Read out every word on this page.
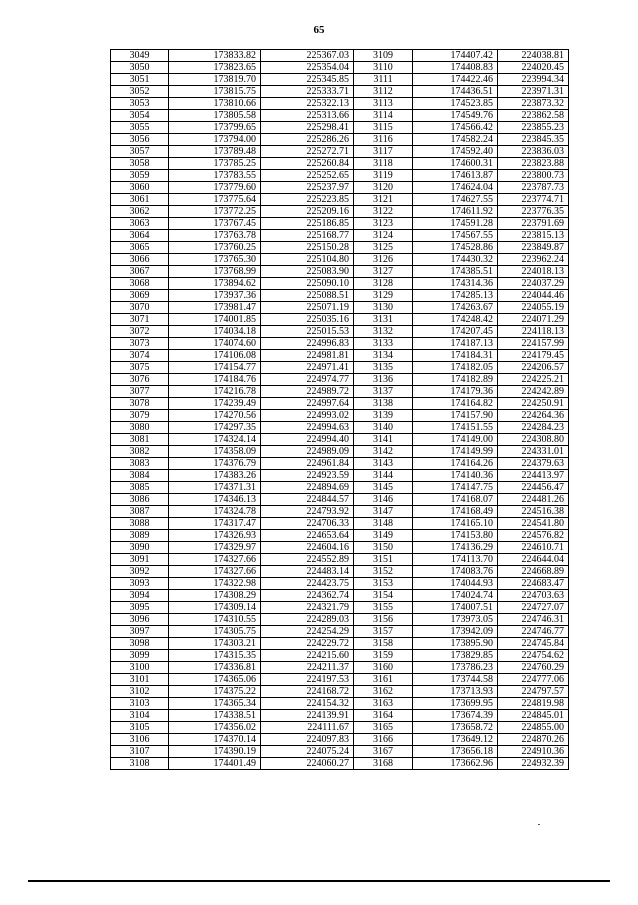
65
3049	173833.82	225367.03	3109	174407.42	224038.81
3050	173823.65	225354.04	3110	174408.83	224020.45
3051	173819.70	225345.85	3111	174422.46	223994.34
3052	173815.75	225333.71	3112	174436.51	223971.31
3053	173810.66	225322.13	3113	174523.85	223873.32
3054	173805.58	225313.66	3114	174549.76	223862.58
3055	173799.65	225298.41	3115	174566.42	223855.23
3056	173794.00	225286.26	3116	174582.24	223845.35
3057	173789.48	225272.71	3117	174592.40	223836.03
3058	173785.25	225260.84	3118	174600.31	223823.88
3059	173783.55	225252.65	3119	174613.87	223800.73
3060	173779.60	225237.97	3120	174624.04	223787.73
3061	173775.64	225223.85	3121	174627.55	223774.71
3062	173772.25	225209.16	3122	174611.92	223776.35
3063	173767.45	225186.85	3123	174591.28	223791.69
3064	173763.78	225168.77	3124	174567.55	223815.13
3065	173760.25	225150.28	3125	174528.86	223849.87
3066	173765.30	225104.80	3126	174430.32	223962.24
3067	173768.99	225083.90	3127	174385.51	224018.13
3068	173894.62	225090.10	3128	174314.36	224037.29
3069	173937.36	225088.51	3129	174285.13	224044.46
3070	173981.47	225071.19	3130	174263.67	224055.19
3071	174001.85	225035.16	3131	174248.42	224071.29
3072	174034.18	225015.53	3132	174207.45	224118.13
3073	174074.60	224996.83	3133	174187.13	224157.99
3074	174106.08	224981.81	3134	174184.31	224179.45
3075	174154.77	224971.41	3135	174182.05	224206.57
3076	174184.76	224974.77	3136	174182.89	224225.21
3077	174216.78	224989.72	3137	174179.36	224242.89
3078	174239.49	224997.64	3138	174164.82	224250.91
3079	174270.56	224993.02	3139	174157.90	224264.36
3080	174297.35	224994.63	3140	174151.55	224284.23
3081	174324.14	224994.40	3141	174149.00	224308.80
3082	174358.09	224989.09	3142	174149.99	224331.01
3083	174376.79	224961.84	3143	174164.26	224379.63
3084	174383.26	224923.59	3144	174140.36	224413.97
3085	174371.31	224894.69	3145	174147.75	224456.47
3086	174346.13	224844.57	3146	174168.07	224481.26
3087	174324.78	224793.92	3147	174168.49	224516.38
3088	174317.47	224706.33	3148	174165.10	224541.80
3089	174326.93	224653.64	3149	174153.80	224576.82
3090	174329.97	224604.16	3150	174136.29	224610.71
3091	174327.66	224552.89	3151	174113.70	224644.04
3092	174327.66	224483.14	3152	174083.76	224668.89
3093	174322.98	224423.75	3153	174044.93	224683.47
3094	174308.29	224362.74	3154	174024.74	224703.63
3095	174309.14	224321.79	3155	174007.51	224727.07
3096	174310.55	224289.03	3156	173973.05	224746.31
3097	174305.75	224254.29	3157	173942.09	224746.77
3098	174303.21	224229.72	3158	173895.90	224745.84
3099	174315.35	224215.60	3159	173829.85	224754.62
3100	174336.81	224211.37	3160	173786.23	224760.29
3101	174365.06	224197.53	3161	173744.58	224777.06
3102	174375.22	224168.72	3162	173713.93	224797.57
3103	174365.34	224154.32	3163	173699.95	224819.98
3104	174338.51	224139.91	3164	173674.39	224845.01
3105	174356.02	224111.67	3165	173658.72	224855.00
3106	174370.14	224097.83	3166	173649.12	224870.26
3107	174390.19	224075.24	3167	173656.18	224910.36
3108	174401.49	224060.27	3168	173662.96	224932.39
